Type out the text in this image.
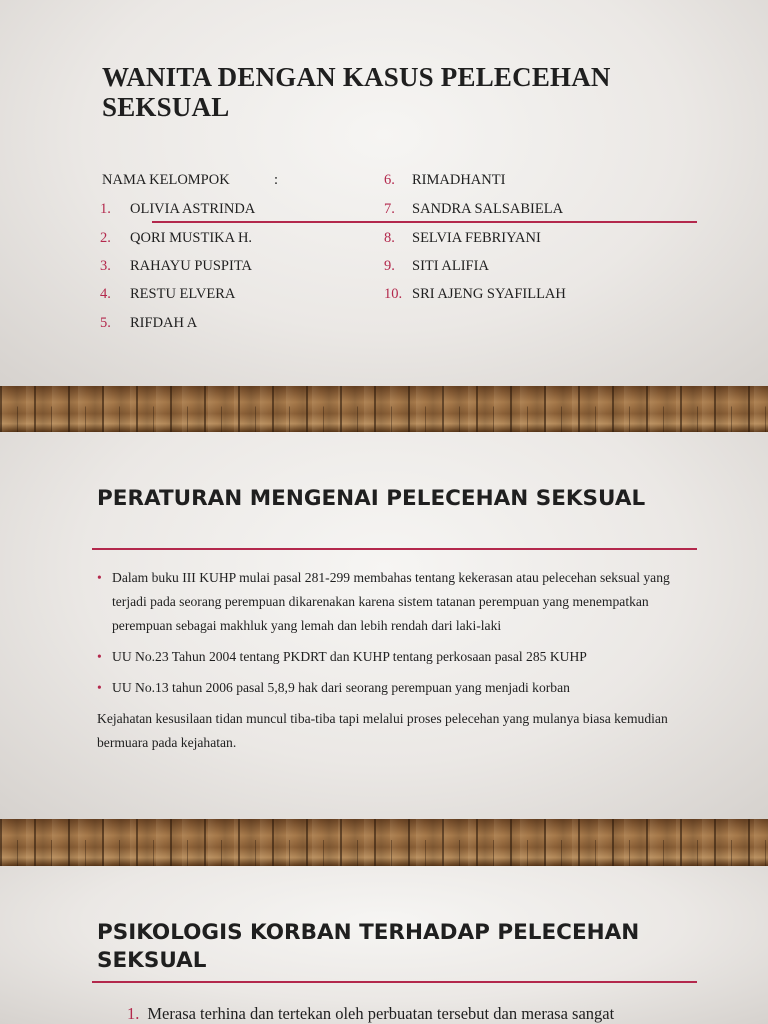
WANITA DENGAN KASUS PELECEHAN SEKSUAL
NAMA KELOMPOK	:
1. OLIVIA ASTRINDA
2. QORI MUSTIKA H.
3. RAHAYU PUSPITA
4. RESTU ELVERA
5. RIFDAH A
6. RIMADHANTI
7. SANDRA SALSABIELA
8. SELVIA FEBRIYANI
9. SITI ALIFIA
10. SRI AJENG SYAFILLAH
PERATURAN MENGENAI PELECEHAN SEKSUAL
• Dalam buku III KUHP mulai pasal 281-299 membahas tentang kekerasan atau pelecehan seksual yang terjadi pada seorang perempuan dikarenakan karena sistem tatanan perempuan yang menempatkan perempuan sebagai makhluk yang lemah dan lebih rendah dari laki-laki
• UU No.23 Tahun 2004 tentang PKDRT dan KUHP tentang perkosaan pasal 285 KUHP
• UU No.13 tahun 2006 pasal 5,8,9 hak dari seorang perempuan yang menjadi korban

Kejahatan kesusilaan tidan muncul tiba-tiba tapi melalui proses pelecehan yang mulanya biasa kemudian bermuara pada kejahatan.

PSIKOLOGIS KORBAN TERHADAP PELECEHAN SEKSUAL
1. Merasa terhina dan tertekan oleh perbuatan tersebut dan merasa sangat
